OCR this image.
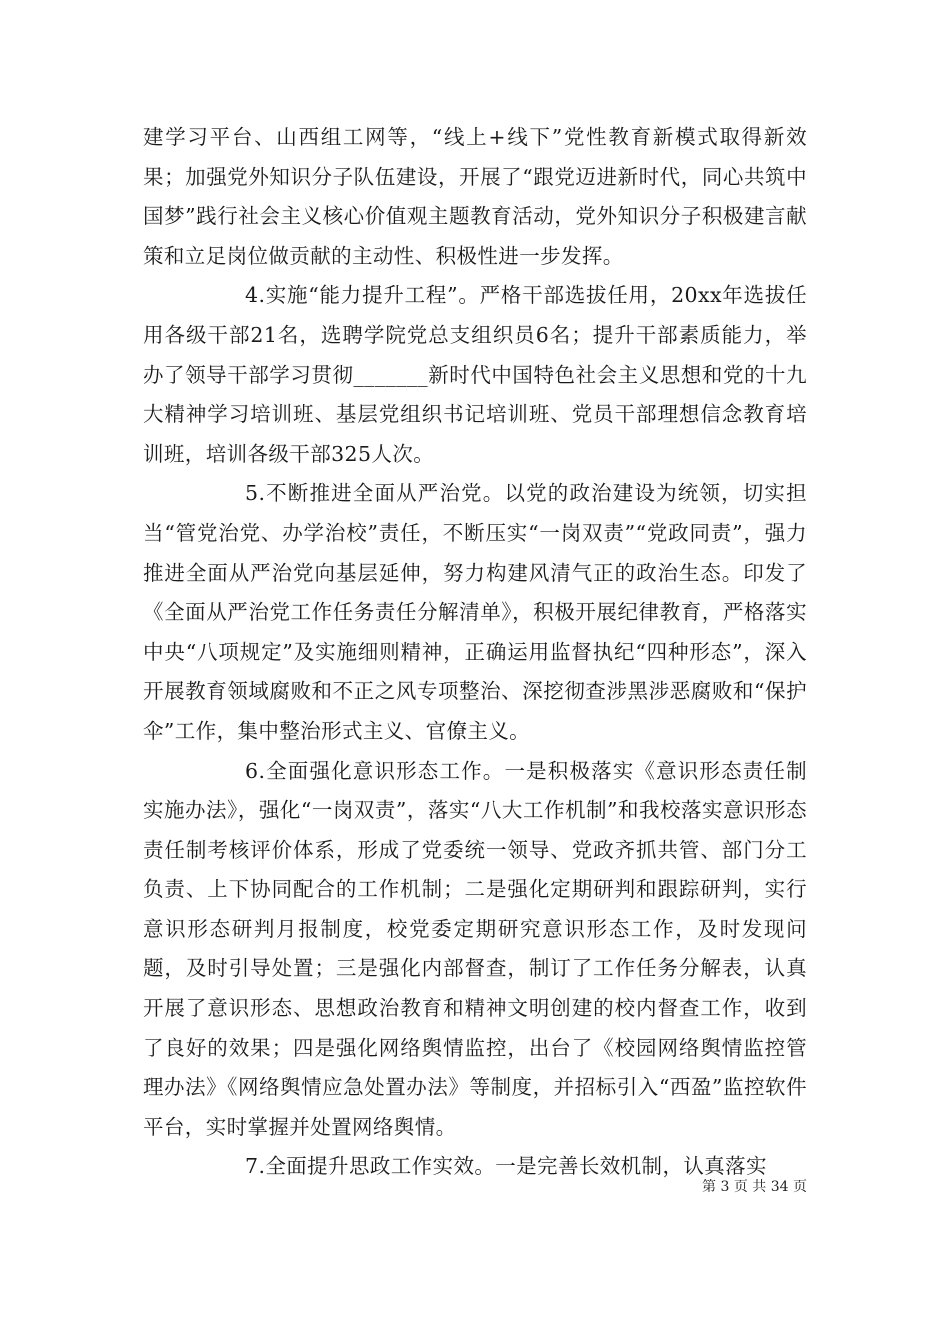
建学习平台、山西组工网等，“线上+线下”党性教育新模式取得新效果；加强党外知识分子队伍建设，开展了“跟党迈进新时代，同心共筑中国梦”践行社会主义核心价值观主题教育活动，党外知识分子积极建言献策和立足岗位做贡献的主动性、积极性进一步发挥。

4.实施“能力提升工程”。严格干部选拔任用，20xx年选拔任用各级干部21名，选聘学院党总支组织员6名；提升干部素质能力，举办了领导干部学习贯彻_______新时代中国特色社会主义思想和党的十九大精神学习培训班、基层党组织书记培训班、党员干部理想信念教育培训班，培训各级干部325人次。

5.不断推进全面从严治党。以党的政治建设为统领，切实担当“管党治党、办学治校”责任，不断压实“一岗双责”“党政同责”，强力推进全面从严治党向基层延伸，努力构建风清气正的政治生态。印发了《全面从严治党工作任务责任分解清单》，积极开展纪律教育，严格落实中央“八项规定”及实施细则精神，正确运用监督执纪“四种形态”，深入开展教育领域腐败和不正之风专项整治、深挖彻查涉黑涉恶腐败和“保护伞”工作，集中整治形式主义、官僚主义。

6.全面强化意识形态工作。一是积极落实《意识形态责任制实施办法》，强化“一岗双责”，落实“八大工作机制”和我校落实意识形态责任制考核评价体系，形成了党委统一领导、党政齐抓共管、部门分工负责、上下协同配合的工作机制；二是强化定期研判和跟踪研判，实行意识形态研判月报制度，校党委定期研究意识形态工作，及时发现问题，及时引导处置；三是强化内部督查，制订了工作任务分解表，认真开展了意识形态、思想政治教育和精神文明创建的校内督查工作，收到了良好的效果；四是强化网络舆情监控，出台了《校园网络舆情监控管理办法》《网络舆情应急处置办法》等制度，并招标引入“西盈”监控软件平台，实时掌握并处置网络舆情。

7.全面提升思政工作实效。一是完善长效机制，认真落实

第 3 页 共 34 页
